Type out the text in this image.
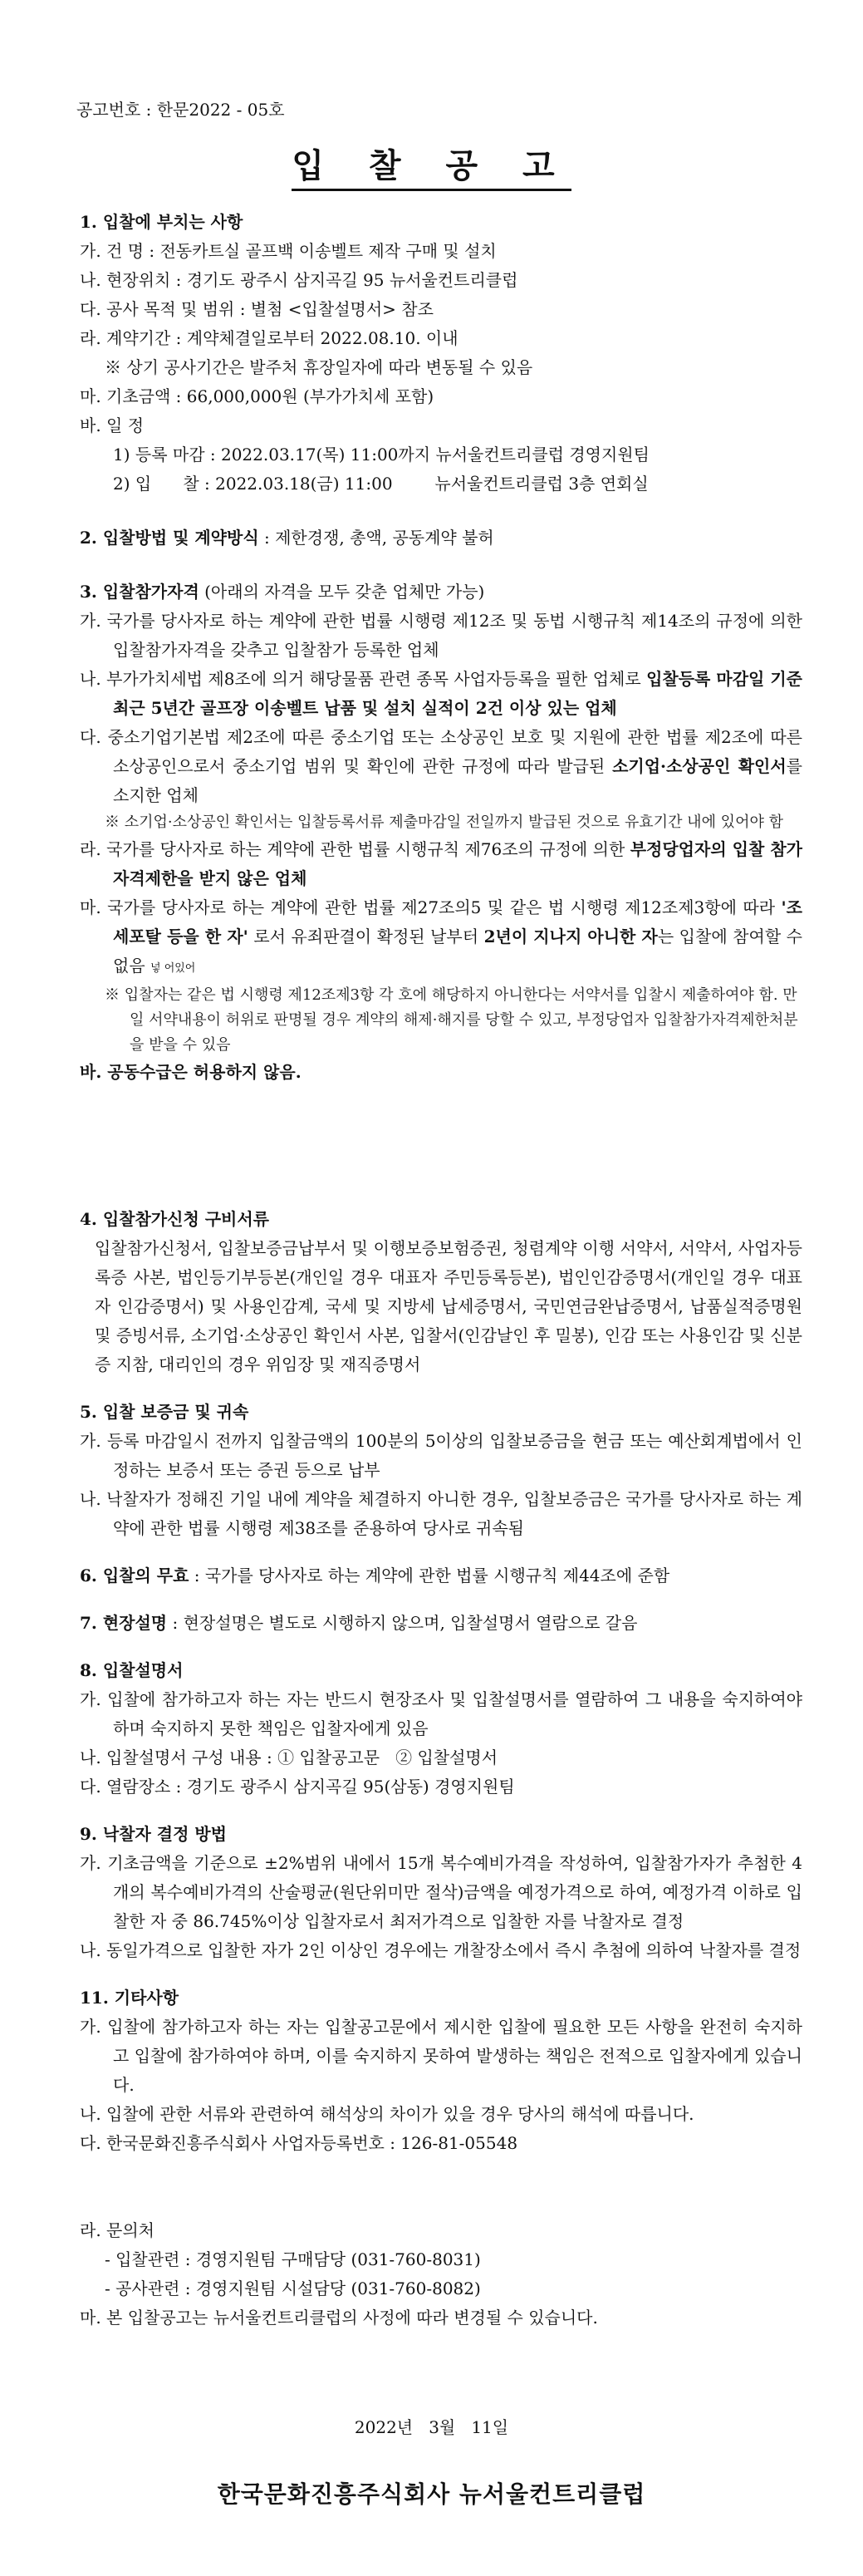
공고번호 : 한문2022 - 05호
입 찰 공 고
1. 입찰에 부치는 사항
가. 건 명 : 전동카트실 골프백 이송벨트 제작 구매 및 설치
나. 현장위치 : 경기도 광주시 삼지곡길 95 뉴서울컨트리클럽
다. 공사 목적 및 범위 : 별첨 <입찰설명서> 참조
라. 계약기간 : 계약체결일로부터 2022.08.10. 이내
※ 상기 공사기간은 발주처 휴장일자에 따라 변동될 수 있음
마. 기초금액 : 66,000,000원 (부가가치세 포함)
바. 일 정
1) 등록 마감 : 2022.03.17(목) 11:00까지 뉴서울컨트리클럽 경영지원팀
2) 입      찰 : 2022.03.18(금) 11:00        뉴서울컨트리클럽 3층 연회실
2. 입찰방법 및 계약방식 : 제한경쟁, 총액, 공동계약 불허
3. 입찰참가자격 (아래의 자격을 모두 갖춘 업체만 가능)
가. 국가를 당사자로 하는 계약에 관한 법률 시행령 제12조 및 동법 시행규칙 제14조의 규정에 의한 입찰참가자격을 갖추고 입찰참가 등록한 업체
나. 부가가치세법 제8조에 의거 해당물품 관련 종목 사업자등록을 필한 업체로 입찰등록 마감일 기준 최근 5년간 골프장 이송벨트 납품 및 설치 실적이 2건 이상 있는 업체
다. 중소기업기본법 제2조에 따른 중소기업 또는 소상공인 보호 및 지원에 관한 법률 제2조에 따른 소상공인으로서 중소기업 범위 및 확인에 관한 규정에 따라 발급된 소기업·소상공인 확인서를 소지한 업체
※ 소기업·소상공인 확인서는 입찰등록서류 제출마감일 전일까지 발급된 것으로 유효기간 내에 있어야 함
라. 국가를 당사자로 하는 계약에 관한 법률 시행규칙 제76조의 규정에 의한 부정당업자의 입찰 참가 자격제한을 받지 않은 업체
마. 국가를 당사자로 하는 계약에 관한 법률 제27조의5 및 같은 법 시행령 제12조제3항에 따라 '조세포탈 등을 한 자' 로서 유죄판결이 확정된 날부터 2년이 지나지 아니한 자는 입찰에 참여할 수 없음 넣 어있어
※ 입찰자는 같은 법 시행령 제12조제3항 각 호에 해당하지 아니한다는 서약서를 입찰시 제출하여야 함. 만일 서약내용이 허위로 판명될 경우 계약의 해제·해지를 당할 수 있고, 부정당업자 입찰참가자격제한처분을 받을 수 있음
바. 공동수급은 허용하지 않음.
4. 입찰참가신청 구비서류
입찰참가신청서, 입찰보증금납부서 및 이행보증보험증권, 청렴계약 이행 서약서, 서약서, 사업자등록증 사본, 법인등기부등본(개인일 경우 대표자 주민등록등본), 법인인감증명서(개인일 경우 대표자 인감증명서) 및 사용인감계, 국세 및 지방세 납세증명서, 국민연금완납증명서, 납품실적증명원 및 증빙서류, 소기업·소상공인 확인서 사본, 입찰서(인감날인 후 밀봉), 인감 또는 사용인감 및 신분증 지참, 대리인의 경우 위임장 및 재직증명서
5. 입찰 보증금 및 귀속
가. 등록 마감일시 전까지 입찰금액의 100분의 5이상의 입찰보증금을 현금 또는 예산회계법에서 인정하는 보증서 또는 증권 등으로 납부
나. 낙찰자가 정해진 기일 내에 계약을 체결하지 아니한 경우, 입찰보증금은 국가를 당사자로 하는 계약에 관한 법률 시행령 제38조를 준용하여 당사로 귀속됨
6. 입찰의 무효 : 국가를 당사자로 하는 계약에 관한 법률 시행규칙 제44조에 준함
7. 현장설명 : 현장설명은 별도로 시행하지 않으며, 입찰설명서 열람으로 갈음
8. 입찰설명서
가. 입찰에 참가하고자 하는 자는 반드시 현장조사 및 입찰설명서를 열람하여 그 내용을 숙지하여야 하며 숙지하지 못한 책임은 입찰자에게 있음
나. 입찰설명서 구성 내용 : ① 입찰공고문   ② 입찰설명서
다. 열람장소 : 경기도 광주시 삼지곡길 95(삼동) 경영지원팀
9. 낙찰자 결정 방법
가. 기초금액을 기준으로 ±2%범위 내에서 15개 복수예비가격을 작성하여, 입찰참가자가 추첨한 4개의 복수예비가격의 산술평균(원단위미만 절삭)금액을 예정가격으로 하여, 예정가격 이하로 입찰한 자 중 86.745%이상 입찰자로서 최저가격으로 입찰한 자를 낙찰자로 결정
나. 동일가격으로 입찰한 자가 2인 이상인 경우에는 개찰장소에서 즉시 추첨에 의하여 낙찰자를 결정
11. 기타사항
가. 입찰에 참가하고자 하는 자는 입찰공고문에서 제시한 입찰에 필요한 모든 사항을 완전히 숙지하고 입찰에 참가하여야 하며, 이를 숙지하지 못하여 발생하는 책임은 전적으로 입찰자에게 있습니다.
나. 입찰에 관한 서류와 관련하여 해석상의 차이가 있을 경우 당사의 해석에 따릅니다.
다. 한국문화진흥주식회사 사업자등록번호 : 126-81-05548
라. 문의처
- 입찰관련 : 경영지원팀 구매담당 (031-760-8031)
- 공사관련 : 경영지원팀 시설담당 (031-760-8082)
마. 본 입찰공고는 뉴서울컨트리클럽의 사정에 따라 변경될 수 있습니다.
2022년   3월   11일
한국문화진흥주식회사 뉴서울컨트리클럽
